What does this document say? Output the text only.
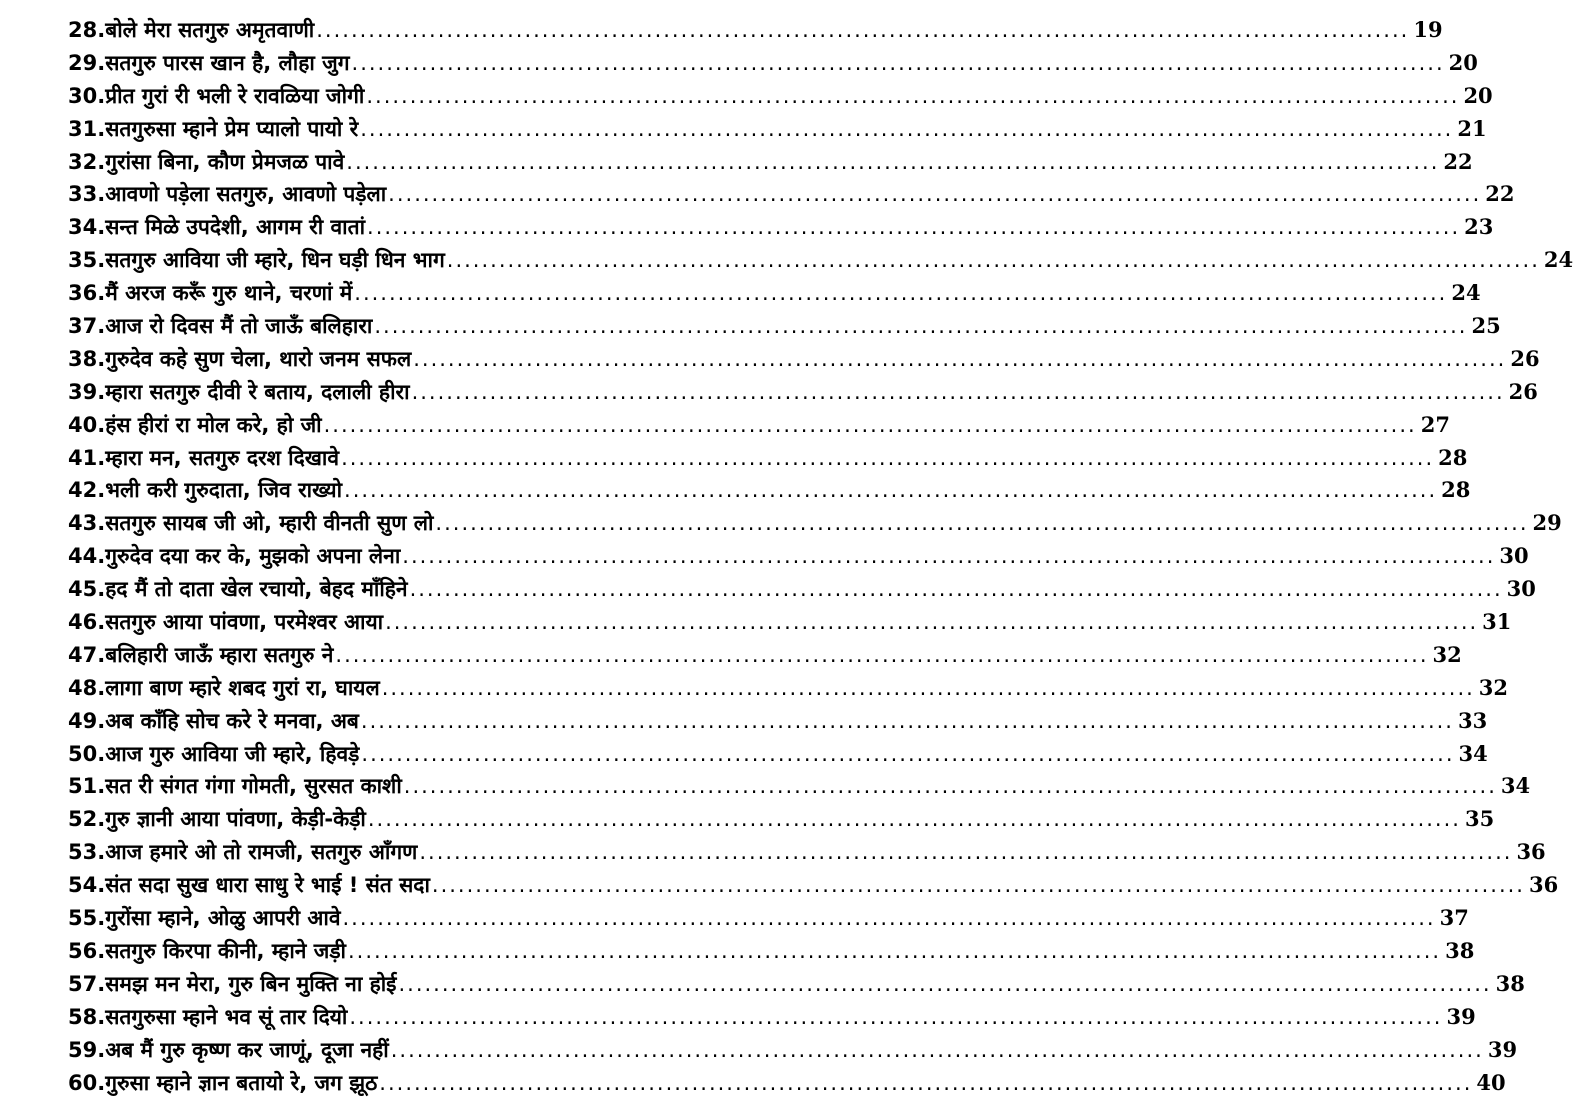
28. बोले मेरा सतगुरु अमृतवाणी .....	19
29. सतगुरु पारस खान है, लौहा जुग .....	20
30. प्रीत गुरां री भली रे रावळिया जोगी .....	20
31. सतगुरुसा म्हाने प्रेम प्यालो पायो रे .....	21
32. गुरांसा बिना, कौण प्रेमजळ पावे .....	22
33. आवणो पड़ेला सतगुरु, आवणो पड़ेला .....	22
34. सन्त मिळे उपदेशी, आगम री वातां .....	23
35. सतगुरु आविया जी म्हारे, धिन घड़ी धिन भाग .....	24
36. मैं अरज करूँ गुरु थाने, चरणां में .....	24
37. आज रो दिवस मैं तो जाऊँ बलिहारा .....	25
38. गुरुदेव कहे सुण चेला, थारो जनम सफल .....	26
39. म्हारा सतगुरु दीवी रे बताय, दलाली हीरा .....	26
40. हंस हीरां रा मोल करे, हो जी .....	27
41. म्हारा मन, सतगुरु दरश दिखावे .....	28
42. भली करी गुरुदाता, जिव राख्यो .....	28
43. सतगुरु सायब जी ओ, म्हारी वीनती सुण लो .....	29
44. गुरुदेव दया कर के, मुझको अपना लेना .....	30
45. हद मैं तो दाता खेल रचायो, बेहद माँहिने .....	30
46. सतगुरु आया पांवणा, परमेश्वर आया .....	31
47. बलिहारी जाऊँ म्हारा सतगुरु ने .....	32
48. लागा बाण म्हारे शबद गुरां रा, घायल .....	32
49. अब काँहि सोच करे रे मनवा, अब .....	33
50. आज गुरु आविया जी म्हारे, हिवड़े .....	34
51. सत री संगत गंगा गोमती, सुरसत काशी .....	34
52. गुरु ज्ञानी आया पांवणा, केड़ी-केड़ी .....	35
53. आज हमारे ओ तो रामजी, सतगुरु आँगण .....	36
54. संत सदा सुख धारा साधु रे भाई ! संत सदा .....	36
55. गुरोंसा म्हाने, ओळु आपरी आवे .....	37
56. सतगुरु किरपा कीनी, म्हाने जड़ी .....	38
57. समझ मन मेरा, गुरु बिन मुक्ति ना होई .....	38
58. सतगुरुसा म्हाने भव सूं तार दियो .....	39
59. अब मैं गुरु कृष्ण कर जाणूं, दूजा नहीं .....	39
60. गुरुसा म्हाने ज्ञान बतायो रे, जग झूठ .....	40
